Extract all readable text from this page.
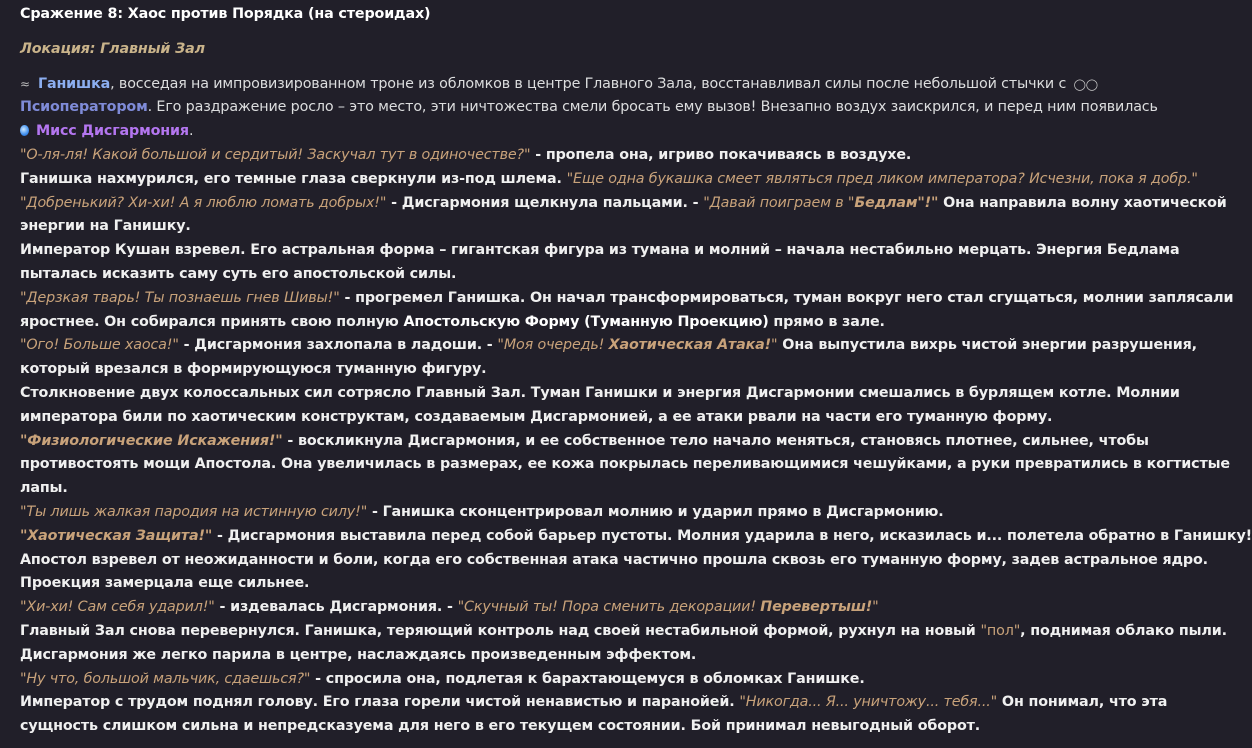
Сражение 8: Хаос против Порядка (на стероидах)
Локация: Главный Зал
≈ Ганишка, восседая на импровизированном троне из обломков в центре Главного Зала, восстанавливал силы после небольшой стычки с ◯◯
Псиоператором. Его раздражение росло – это место, эти ничтожества смели бросать ему вызов! Внезапно воздух заискрился, и перед ним появилась
Мисс Дисгармония.
"О-ля-ля! Какой большой и сердитый! Заскучал тут в одиночестве?" - пропела она, игриво покачиваясь в воздухе.
Ганишка нахмурился, его темные глаза сверкнули из-под шлема. "Еще одна букашка смеет являться пред ликом императора? Исчезни, пока я добр."
"Добренький? Хи-хи! А я люблю ломать добрых!" - Дисгармония щелкнула пальцами. - "Давай поиграем в "Бедлам"!" Она направила волну хаотической
энергии на Ганишку.
Император Кушан взревел. Его астральная форма – гигантская фигура из тумана и молний – начала нестабильно мерцать. Энергия Бедлама
пыталась исказить саму суть его апостольской силы.
"Дерзкая тварь! Ты познаешь гнев Шивы!" - прогремел Ганишка. Он начал трансформироваться, туман вокруг него стал сгущаться, молнии заплясали
яростнее. Он собирался принять свою полную Апостольскую Форму (Туманную Проекцию) прямо в зале.
"Ого! Больше хаоса!" - Дисгармония захлопала в ладоши. - "Моя очередь! Хаотическая Атака!" Она выпустила вихрь чистой энергии разрушения,
который врезался в формирующуюся туманную фигуру.
Столкновение двух колоссальных сил сотрясло Главный Зал. Туман Ганишки и энергия Дисгармонии смешались в бурлящем котле. Молнии
императора били по хаотическим конструктам, создаваемым Дисгармонией, а ее атаки рвали на части его туманную форму.
"Физиологические Искажения!" - воскликнула Дисгармония, и ее собственное тело начало меняться, становясь плотнее, сильнее, чтобы
противостоять мощи Апостола. Она увеличилась в размерах, ее кожа покрылась переливающимися чешуйками, а руки превратились в когтистые
лапы.
"Ты лишь жалкая пародия на истинную силу!" - Ганишка сконцентрировал молнию и ударил прямо в Дисгармонию.
"Хаотическая Защита!" - Дисгармония выставила перед собой барьер пустоты. Молния ударила в него, исказилась и... полетела обратно в Ганишку!
Апостол взревел от неожиданности и боли, когда его собственная атака частично прошла сквозь его туманную форму, задев астральное ядро.
Проекция замерцала еще сильнее.
"Хи-хи! Сам себя ударил!" - издевалась Дисгармония. - "Скучный ты! Пора сменить декорации! Перевертыш!"
Главный Зал снова перевернулся. Ганишка, теряющий контроль над своей нестабильной формой, рухнул на новый "пол", поднимая облако пыли.
Дисгармония же легко парила в центре, наслаждаясь произведенным эффектом.
"Ну что, большой мальчик, сдаешься?" - спросила она, подлетая к барахтающемуся в обломках Ганишке.
Император с трудом поднял голову. Его глаза горели чистой ненавистью и паранойей. "Никогда... Я... уничтожу... тебя..." Он понимал, что эта
сущность слишком сильна и непредсказуема для него в его текущем состоянии. Бой принимал невыгодный оборот.
